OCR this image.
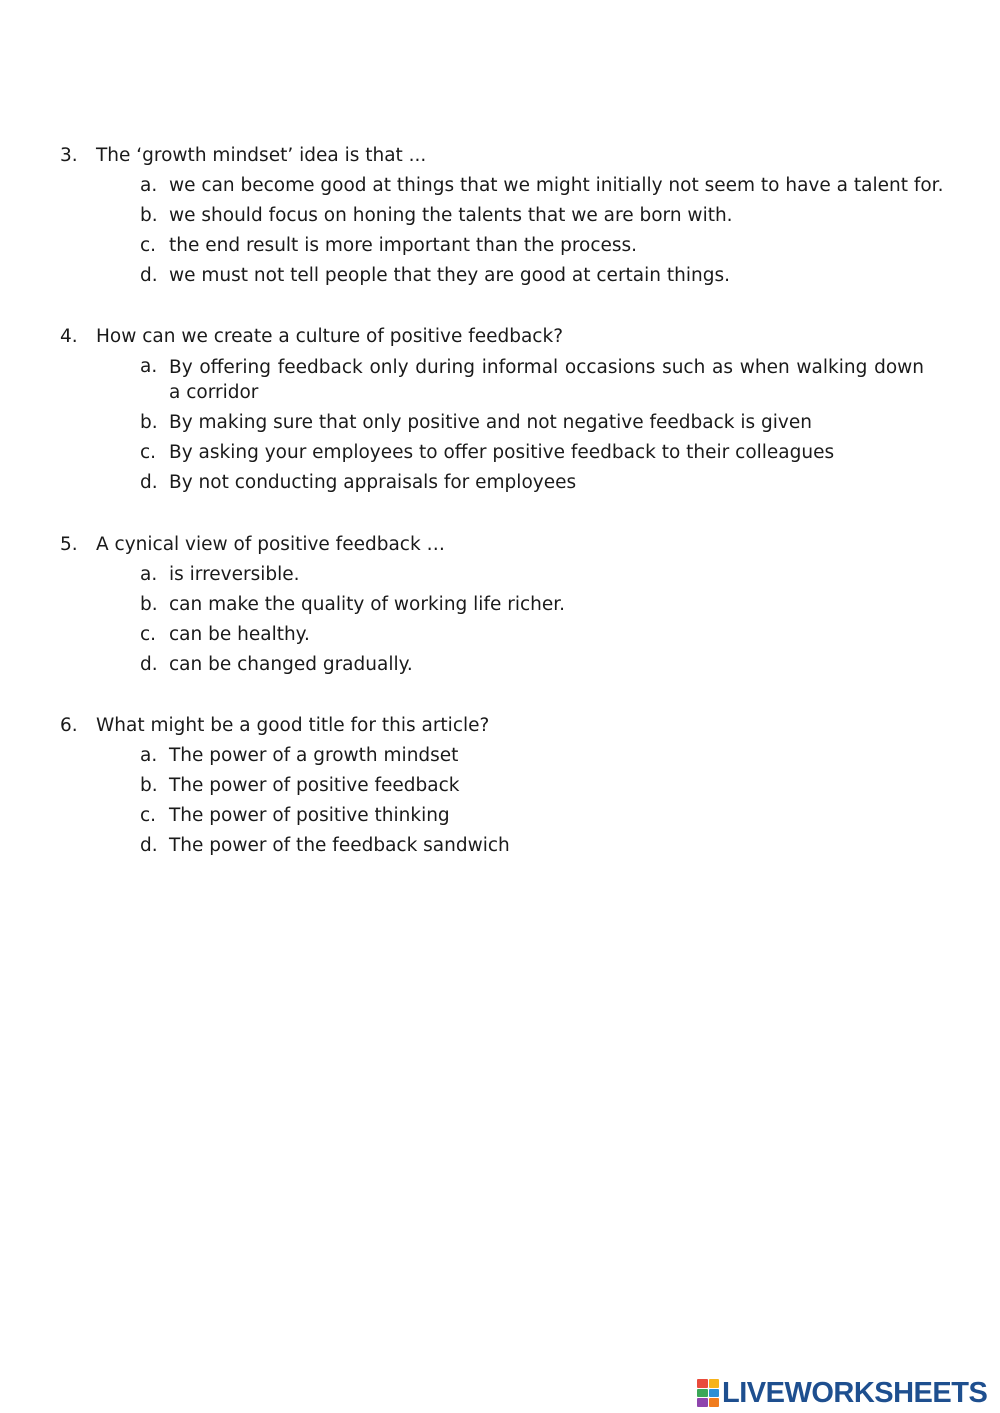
3. The ‘growth mindset’ idea is that ...
a. we can become good at things that we might initially not seem to have a talent for.
b. we should focus on honing the talents that we are born with.
c. the end result is more important than the process.
d. we must not tell people that they are good at certain things.
4. How can we create a culture of positive feedback?
a. By offering feedback only during informal occasions such as when walking down a corridor
b. By making sure that only positive and not negative feedback is given
c. By asking your employees to offer positive feedback to their colleagues
d. By not conducting appraisals for employees
5. A cynical view of positive feedback …
a. is irreversible.
b. can make the quality of working life richer.
c. can be healthy.
d. can be changed gradually.
6. What might be a good title for this article?
a. The power of a growth mindset
b. The power of positive feedback
c. The power of positive thinking
d. The power of the feedback sandwich
LIVEWORKSHEETS
